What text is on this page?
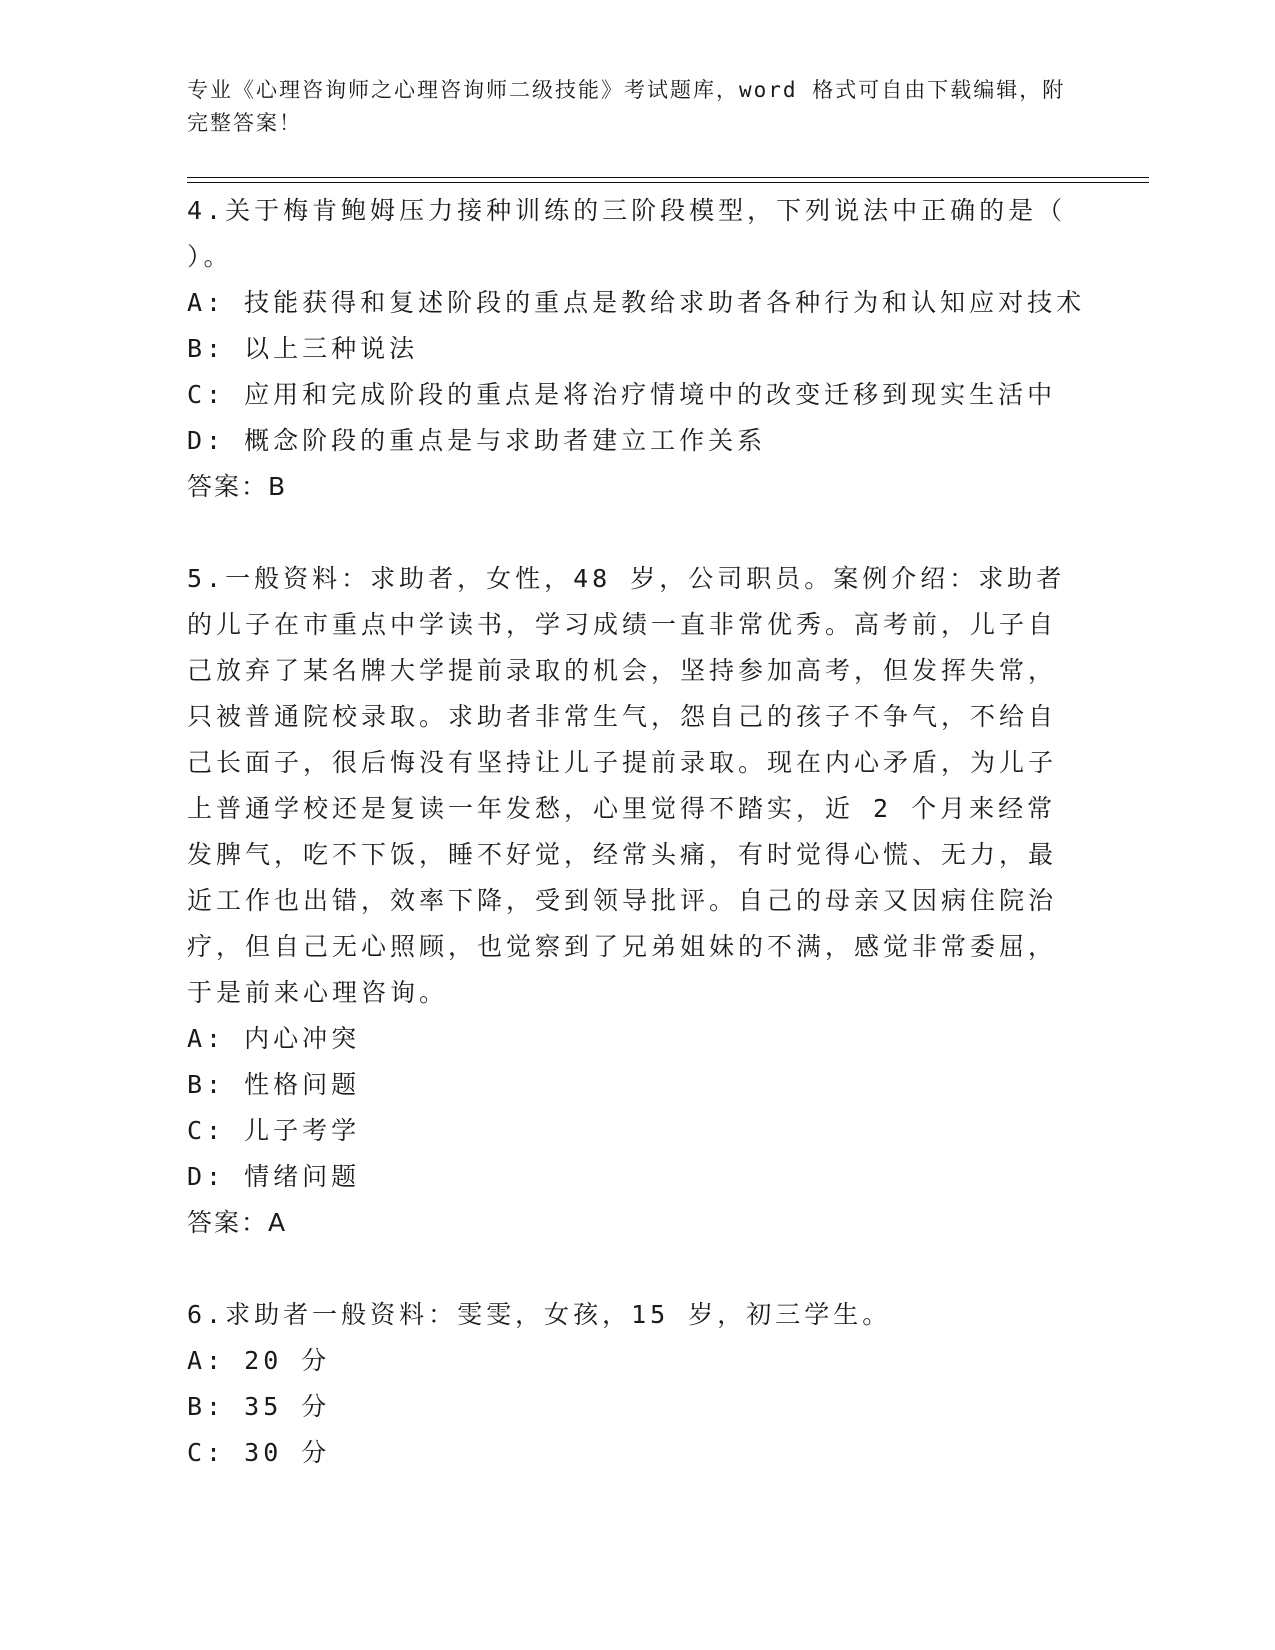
专业《心理咨询师之心理咨询师二级技能》考试题库，word 格式可自由下载编辑，附完整答案！

4.关于梅肯鲍姆压力接种训练的三阶段模型，下列说法中正确的是（ ）。

A: 技能获得和复述阶段的重点是教给求助者各种行为和认知应对技术

B: 以上三种说法

C: 应用和完成阶段的重点是将治疗情境中的改变迁移到现实生活中

D: 概念阶段的重点是与求助者建立工作关系

答案：B

5.一般资料：求助者，女性，48 岁，公司职员。案例介绍：求助者的儿子在市重点中学读书，学习成绩一直非常优秀。高考前，儿子自己放弃了某名牌大学提前录取的机会，坚持参加高考，但发挥失常，只被普通院校录取。求助者非常生气，怨自己的孩子不争气，不给自己长面子，很后悔没有坚持让儿子提前录取。现在内心矛盾，为儿子上普通学校还是复读一年发愁，心里觉得不踏实，近 2 个月来经常发脾气，吃不下饭，睡不好觉，经常头痛，有时觉得心慌、无力，最近工作也出错，效率下降，受到领导批评。自己的母亲又因病住院治疗，但自己无心照顾，也觉察到了兄弟姐妹的不满，感觉非常委屈，于是前来心理咨询。

A: 内心冲突

B: 性格问题

C: 儿子考学

D: 情绪问题

答案：A

6.求助者一般资料：雯雯，女孩，15 岁，初三学生。

A: 20 分

B: 35 分

C: 30 分
